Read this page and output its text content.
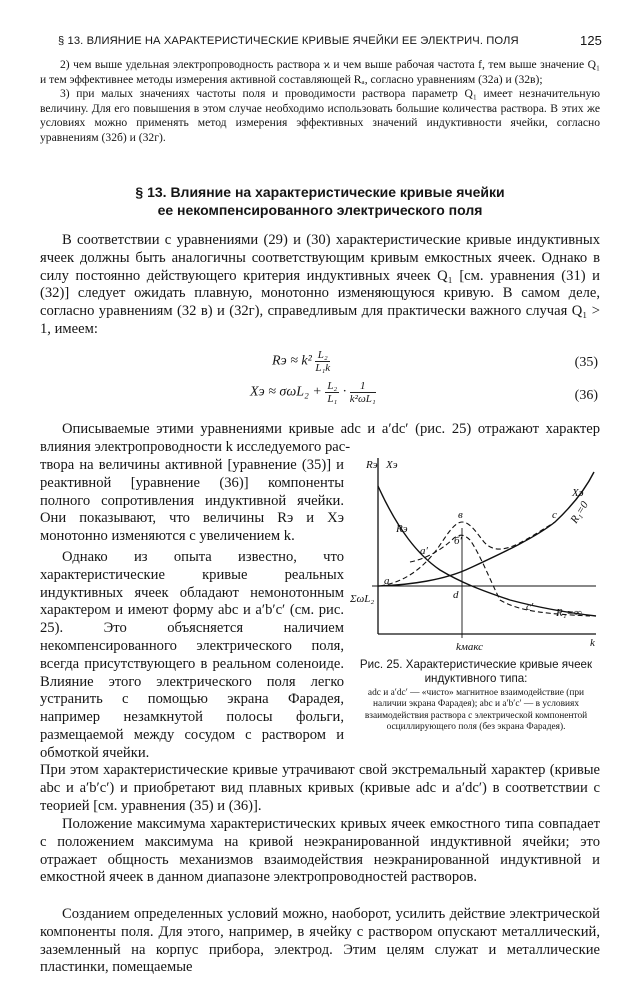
§ 13. ВЛИЯНИЕ НА ХАРАКТЕРИСТИЧЕСКИЕ КРИВЫЕ ЯЧЕЙКИ ЕЕ ЭЛЕКТРИЧ. ПОЛЯ	125

2) чем выше удельная электропроводность раствора ϰ и чем выше рабочая частота f, тем выше значение Q₁ и тем эффективнее методы измерения активной составляющей Rₐ, согласно уравнениям (32а) и (32в);

3) при малых значениях частоты поля и проводимости раствора параметр Q₁ имеет незначительную величину. Для его повышения в этом случае необходимо использовать большие количества раствора. В этих же условиях можно применять метод измерения эффективных значений индуктивности ячейки, согласно уравнениям (32б) и (32г).

§ 13. Влияние на характеристические кривые ячейки
ее некомпенсированного электрического поля

В соответствии с уравнениями (29) и (30) характеристические кривые индуктивных ячеек должны быть аналогичны соответствующим кривым емкостных ячеек. Однако в силу постоянно действующего критерия индуктивных ячеек Q₁ [см. уравнения (31) и (32)] следует ожидать плавную, монотонно изменяющуюся кривую. В самом деле, согласно уравнениям (32 в) и (32г), справедливым для практически важного случая Q₁ > 1, имеем:

Rэ ≈ $k^2 \frac{\text{L₂}}{\text{L₁k}}$	(35)
Xэ ≈ $\sigma\omega L_2 + \frac{\text{L₂}}{\text{L₁}} \cdot \frac{1}{\text{k²ωL₁}}$	(36)

Описываемые этими уравнениями кривые adc и a′dc′ (рис. 25) отражают характер влияния электропроводности k исследуемого рас-

твора на величины активной [уравнение (35)] и реактивной [уравнение (36)] компоненты полного сопротивления индуктивной ячейки. Они показывают, что величины Rэ и Xэ монотонно изменяются с увеличением k.

Однако из опыта известно, что характеристические кривые реальных индуктивных ячеек обладают немонотонным характером и имеют форму abc и a′b′c′ (см. рис. 25). Это объясняется наличием некомпенсированного электрического поля, всегда присутствующего в реальном соленоиде. Влияние этого электрического поля легко устранить с помощью экрана Фарадея, например незамкнутой полосы фольги, размещаемой между сосудом с раствором и обмоткой ячейки.

Rэ Xэ
k
ΣωL₂
kмакс
Xэ
Rэ
c
c′
R₁=0
R₁=∞
a
a′
в
б′
d
Рис. 25. Характеристические кривые ячеек индуктивного типа:
adc и a′dc′ — «чисто» магнитное взаимодействие (при наличии экрана Фарадея); abc и a′b′c′ — в условиях взаимодействия раствора с электрической компонентой осциллирующего поля (без экрана Фарадея).

При этом характеристические кривые утрачивают свой экстремальный характер (кривые abc и a′b′c′) и приобретают вид плавных кривых (кривые adc и a′dc′) в соответствии с теорией [см. уравнения (35) и (36)].

Положение максимума характеристических кривых ячеек емкостного типа совпадает с положением максимума на кривой неэкранированной индуктивной ячейки; это отражает общность механизмов взаимодействия неэкранированной индуктивной и емкостной ячеек в данном диапазоне электропроводностей растворов.

Созданием определенных условий можно, наоборот, усилить действие электрической компоненты поля. Для этого, например, в ячейку с раствором опускают металлический, заземленный на корпус прибора, электрод. Этим целям служат и металлические пластинки, помещаемые
